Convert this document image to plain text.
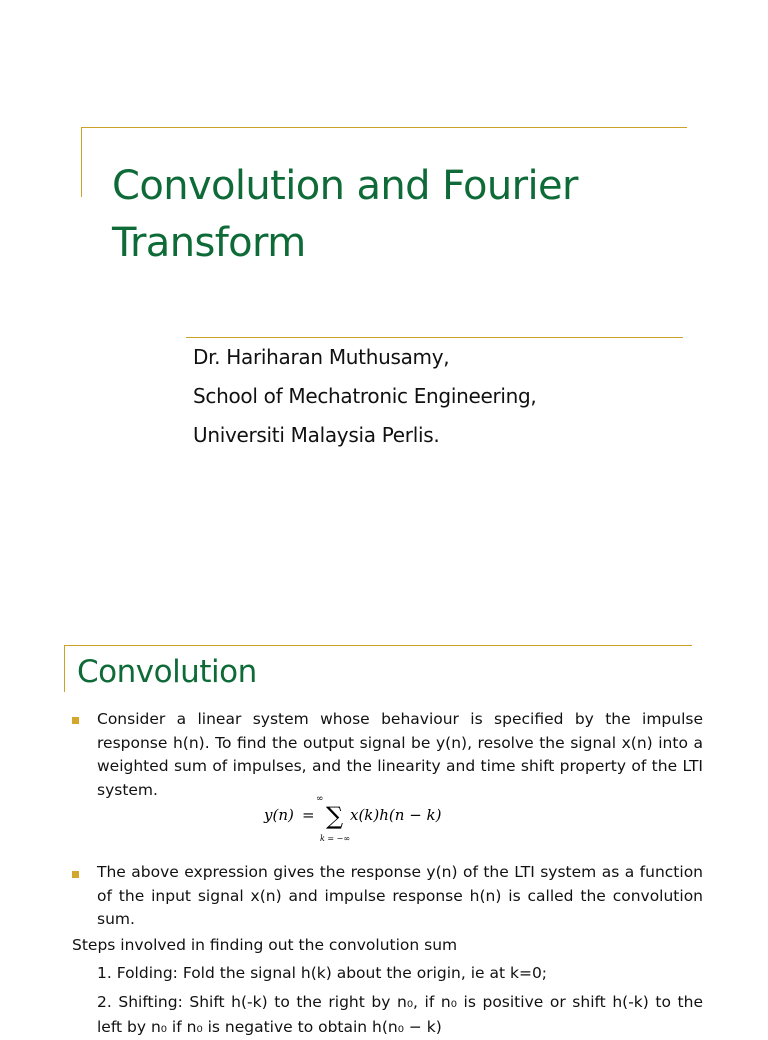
Convolution and Fourier Transform
Dr. Hariharan Muthusamy,
School of Mechatronic Engineering,
Universiti Malaysia Perlis.
Convolution
Consider a linear system whose behaviour is specified by the impulse response h(n). To find the output signal be y(n), resolve the signal x(n) into a weighted sum of impulses, and the linearity and time shift property of the LTI system.
y(n) =
∞
∑
k = −∞
x(k)h(n − k)
The above expression gives the response y(n) of the LTI system as a function of the input signal x(n) and impulse response h(n) is called the convolution sum.
Steps involved in finding out the convolution sum
1. Folding: Fold the signal h(k) about the origin, ie at k=0;
2. Shifting: Shift h(-k) to the right by n₀, if n₀ is positive or shift h(-k) to the left by n₀ if n₀ is negative to obtain h(n₀ − k)
